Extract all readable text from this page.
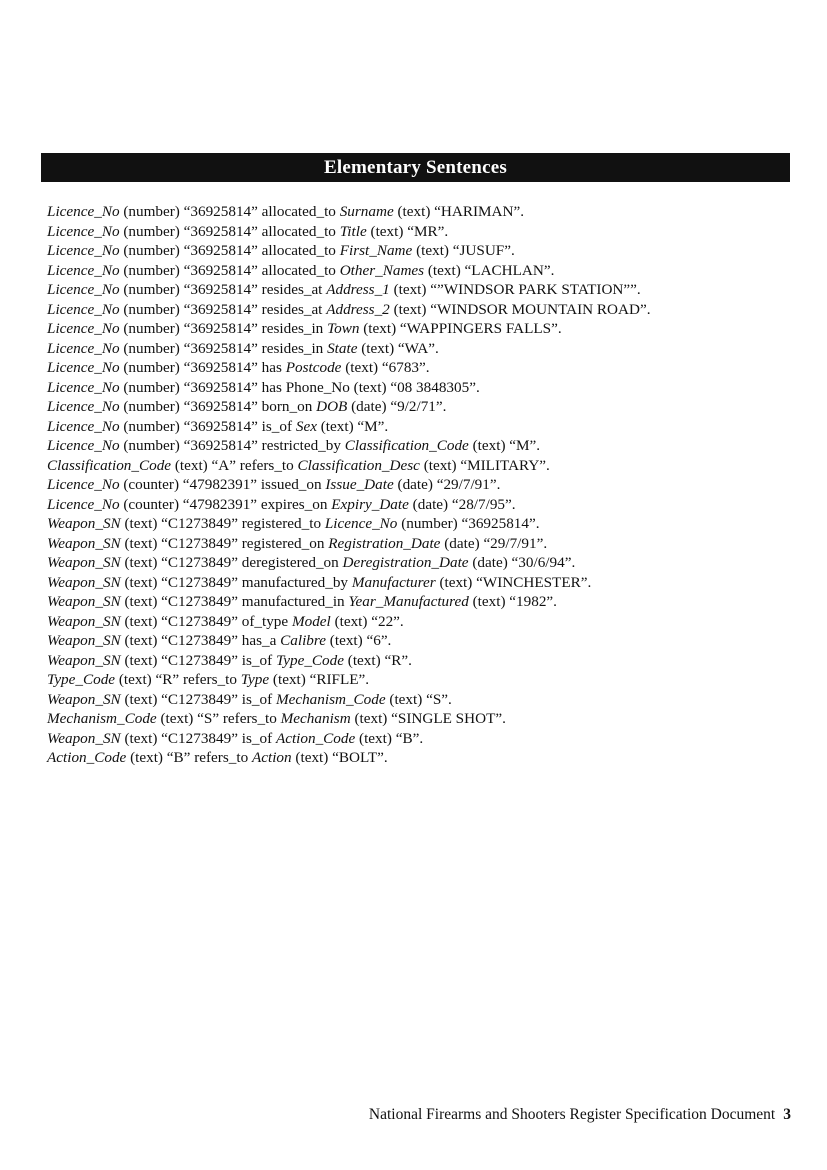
Elementary Sentences
Licence_No (number) “36925814” allocated_to Surname (text) “HARIMAN”.
Licence_No (number) “36925814” allocated_to Title (text) “MR”.
Licence_No (number) “36925814” allocated_to First_Name (text) “JUSUF”.
Licence_No (number) “36925814” allocated_to Other_Names (text) “LACHLAN”.
Licence_No (number) “36925814” resides_at Address_1 (text) “”WINDSOR PARK STATION””.
Licence_No (number) “36925814” resides_at Address_2 (text) “WINDSOR MOUNTAIN ROAD”.
Licence_No (number) “36925814” resides_in Town (text) “WAPPINGERS FALLS”.
Licence_No (number) “36925814” resides_in State (text) “WA”.
Licence_No (number) “36925814” has Postcode (text) “6783”.
Licence_No (number) “36925814” has Phone_No (text) “08 3848305”.
Licence_No (number) “36925814” born_on DOB (date) “9/2/71”.
Licence_No (number) “36925814” is_of Sex (text) “M”.
Licence_No (number) “36925814” restricted_by Classification_Code (text) “M”.
Classification_Code (text) “A” refers_to Classification_Desc (text) “MILITARY”.
Licence_No (counter) “47982391” issued_on Issue_Date (date) “29/7/91”.
Licence_No (counter) “47982391” expires_on Expiry_Date (date) “28/7/95”.
Weapon_SN (text) “C1273849” registered_to Licence_No (number) “36925814”.
Weapon_SN (text) “C1273849” registered_on Registration_Date (date) “29/7/91”.
Weapon_SN (text) “C1273849” deregistered_on Deregistration_Date (date) “30/6/94”.
Weapon_SN (text) “C1273849” manufactured_by Manufacturer (text) “WINCHESTER”.
Weapon_SN (text) “C1273849” manufactured_in Year_Manufactured (text) “1982”.
Weapon_SN (text) “C1273849” of_type Model (text) “22”.
Weapon_SN (text) “C1273849” has_a Calibre (text) “6”.
Weapon_SN (text) “C1273849” is_of Type_Code (text) “R”.
Type_Code (text) “R” refers_to Type (text) “RIFLE”.
Weapon_SN (text) “C1273849” is_of Mechanism_Code (text) “S”.
Mechanism_Code (text) “S” refers_to Mechanism (text) “SINGLE SHOT”.
Weapon_SN (text) “C1273849” is_of Action_Code (text) “B”.
Action_Code (text) “B” refers_to Action (text) “BOLT”.
National Firearms and Shooters Register Specification Document 3
